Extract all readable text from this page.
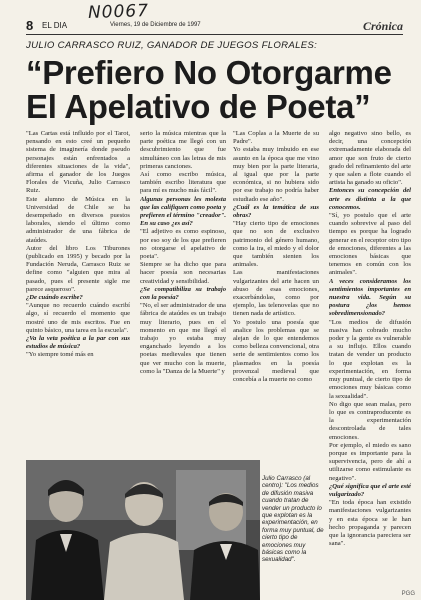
N0067
8 EL DIA	Viernes, 19 de Diciembre de 1997	Crónica
JULIO CARRASCO RUIZ, GANADOR DE JUEGOS FLORALES:
“Prefiero No Otorgarme El Apelativo de Poeta”

"Las Cartas está influido por el Tarot, pensando en esto creé un pequeño sistema de imaginería donde pseudo personajes están enfrentados a diferentes situaciones de la vida", afirma el ganador de los Juegos Florales de Vicuña, Julio Carrasco Ruiz.

Este alumno de Música en la Universidad de Chile se ha desempeñado en diversos puestos laborales, siendo el último como administrador de una fábrica de ataúdes.

Autor del libro Los Tiburones (publicado en 1995) y becado por la Fundación Neruda, Carrasco Ruiz se define como "alguien que mira al pasado, pues el presente sigle me parece asqueroso".

¿De cuándo escribe?

"Aunque no recuerdo cuándo escribí algo, sí recuerdo el momento que mostré uno de mis escritos. Fue en quinto básico, una tarea en la escuela".

¿Va la veta poética a la par con sus estudios de música?

"Yo siempre tomé más en

serio la música mientras que la parte poética me llegó con un descubrimiento que fue simultáneo con las letras de mis primeras canciones.

Así como escribo música, también escribo literatura que para mí es mucho más fácil".

Algunas personas les molesta que las califiquen como poeta y prefieren el término "creador". En su caso ¿es así?

"El adjetivo es como espinoso, por eso soy de los que prefieren no otorgarse el apelativo de poeta".

Siempre se ha dicho que para hacer poesía son necesarias creatividad y sensibilidad.

¿Se compatibiliza su trabajo con la poesía?

"No, el ser administrador de una fábrica de ataúdes es un trabajo muy literario, pues en el momento en que me llegó el trabajo yo estaba muy enganchado leyendo a los poetas medievales que tienen que ver mucho con la muerte, como la "Danza de la Muerte" y

"Las Coplas a la Muerte de su Padre".

Yo estaba muy imbuido en ese asunto en la época que me vino muy bien por la parte literaria, al igual que por la parte económica, si no hubiera sido por ese trabajo no podría haber estudiado ese año".

¿Cuál es la temática de sus obras?

"Hay cierto tipo de emociones que no son de exclusivo patrimonio del género humano, como la ira, el miedo y el dolor que también sienten los animales.

Las manifestaciones vulgarizantes del arte hacen un abuso de esas emociones, exacerbándolas, como por ejemplo, las telenovelas que no tienen nada de artístico.

Yo postulo una poesía que analice los problemas que se alejan de lo que entendemos como belleza convencional, otra serie de sentimientos como los plasmados en la poesía provenzal medieval que concebía a la muerte no como

algo negativo sino bello, es decir, una concepción extremadamente elaborada del amor que son fruto de cierto grado del refinamiento del arte y que salen a flote cuando el artista ha ganado su oficio".

Entonces su concepción del arte es distinta a la que conocemos.

"Sí, yo postulo que el arte cuando sobrevive al paso del tiempo es porque ha logrado generar en el receptor otro tipo de emociones, diferentes a las emociones básicas que tenemos en común con los animales".

A veces consideramos los sentimientos importantes en nuestra vida. Según su postura ¿los hemos sobredimensionado?

"Los medios de difusión masiva han cobrado mucho poder y la gente es vulnerable a su influjo. Ellos cuando tratan de vender un producto lo que explotan es la experimentación, en forma muy puntual, de cierto tipo de emociones muy básicas como la sexualidad".

No digo que sean malas, pero lo que es contraproducente es la experimentación descontrolada de tales emociones.

Por ejemplo, el miedo es sano porque es importante para la supervivencia, pero de ahí a utilizarse como estimulante es negativo".

¿Qué significa que el arte esté vulgarizado?

"En toda época han existido manifestaciones vulgarizantes y en esta época se le han hecho propaganda y parecen que la ignorancia pareciera ser sana".

Julio Carrasco (al centro): "Los medios de difusión masiva cuando tratan de vender un producto lo que explotan es la experimentación, en forma muy puntual, de cierto tipo de emociones muy básicas como la sexualidad".
PGG
